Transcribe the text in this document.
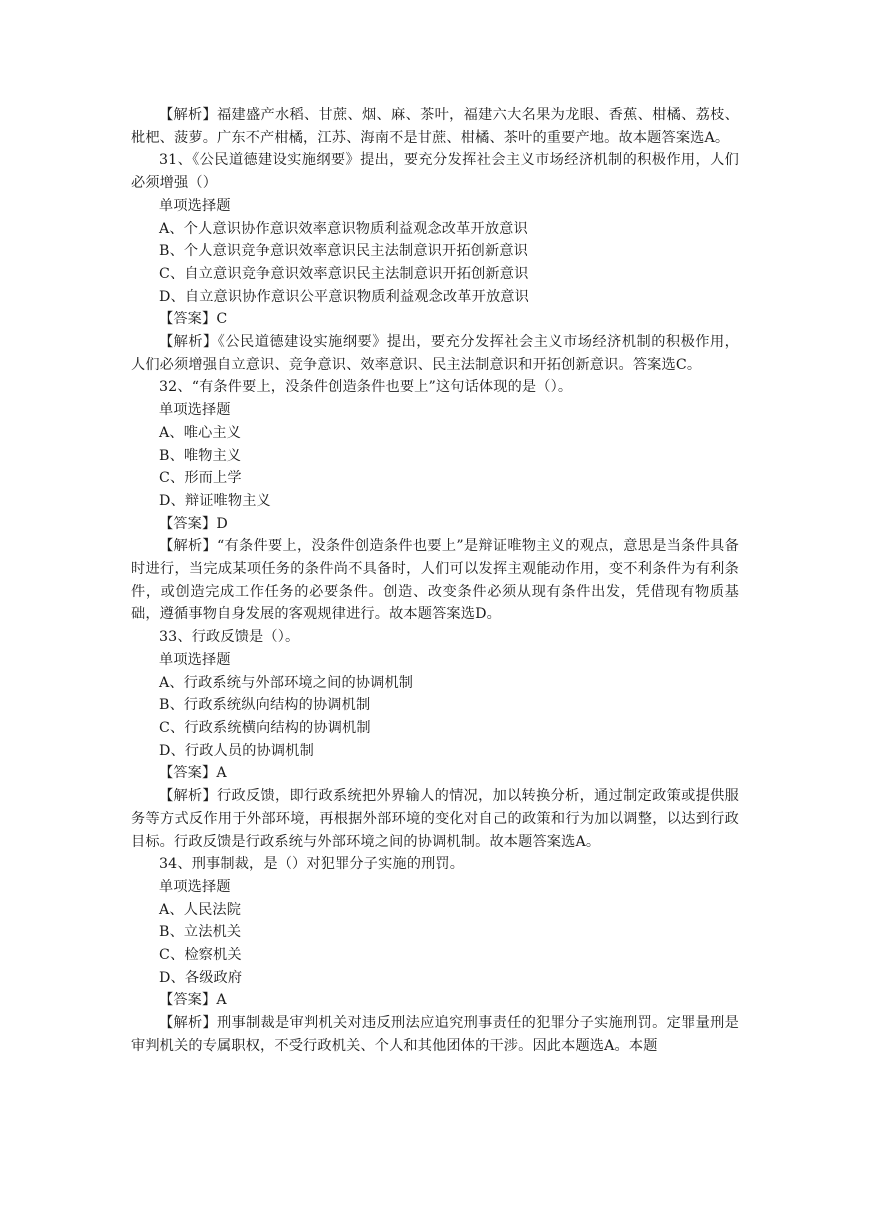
【解析】福建盛产水稻、甘蔗、烟、麻、茶叶，福建六大名果为龙眼、香蕉、柑橘、荔枝、枇杷、菠萝。广东不产柑橘，江苏、海南不是甘蔗、柑橘、茶叶的重要产地。故本题答案选A。
31、《公民道德建设实施纲要》提出，要充分发挥社会主义市场经济机制的积极作用，人们必须增强（）
单项选择题
A、个人意识协作意识效率意识物质利益观念改革开放意识
B、个人意识竞争意识效率意识民主法制意识开拓创新意识
C、自立意识竞争意识效率意识民主法制意识开拓创新意识
D、自立意识协作意识公平意识物质利益观念改革开放意识
【答案】C
【解析】《公民道德建设实施纲要》提出，要充分发挥社会主义市场经济机制的积极作用，人们必须增强自立意识、竞争意识、效率意识、民主法制意识和开拓创新意识。答案选C。
32、“有条件要上，没条件创造条件也要上”这句话体现的是（）。
单项选择题
A、唯心主义
B、唯物主义
C、形而上学
D、辩证唯物主义
【答案】D
【解析】“有条件要上，没条件创造条件也要上”是辩证唯物主义的观点，意思是当条件具备时进行，当完成某项任务的条件尚不具备时，人们可以发挥主观能动作用，变不利条件为有利条件，或创造完成工作任务的必要条件。创造、改变条件必须从现有条件出发，凭借现有物质基础，遵循事物自身发展的客观规律进行。故本题答案选D。
33、行政反馈是（）。
单项选择题
A、行政系统与外部环境之间的协调机制
B、行政系统纵向结构的协调机制
C、行政系统横向结构的协调机制
D、行政人员的协调机制
【答案】A
【解析】行政反馈，即行政系统把外界输人的情况，加以转换分析，通过制定政策或提供服务等方式反作用于外部环境，再根据外部环境的变化对自己的政策和行为加以调整，以达到行政目标。行政反馈是行政系统与外部环境之间的协调机制。故本题答案选A。
34、刑事制裁，是（）对犯罪分子实施的刑罚。
单项选择题
A、人民法院
B、立法机关
C、检察机关
D、各级政府
【答案】A
【解析】刑事制裁是审判机关对违反刑法应追究刑事责任的犯罪分子实施刑罚。定罪量刑是审判机关的专属职权，不受行政机关、个人和其他团体的干涉。因此本题选A。本题
